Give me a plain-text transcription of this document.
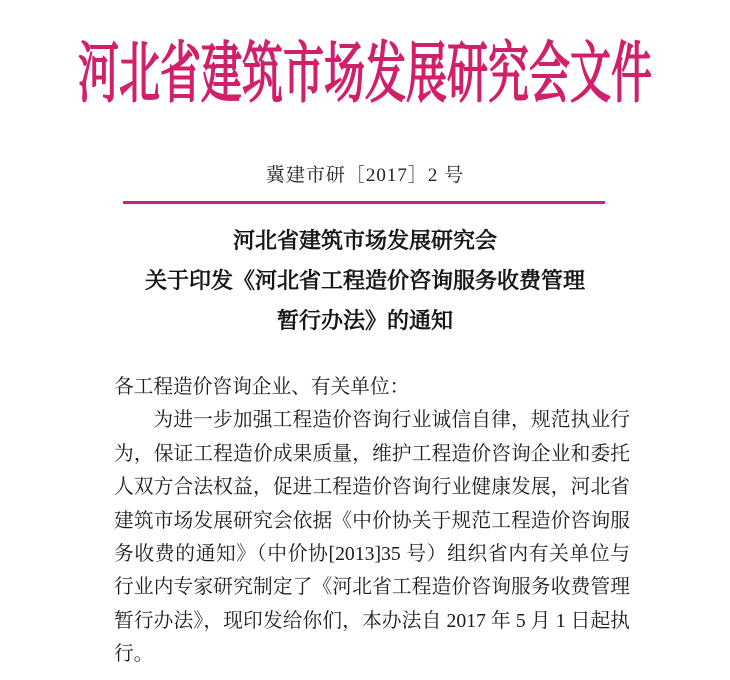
河北省建筑市场发展研究会文件
冀建市研［2017］2 号
河北省建筑市场发展研究会
关于印发《河北省工程造价咨询服务收费管理
暂行办法》的通知
各工程造价咨询企业、有关单位：

为进一步加强工程造价咨询行业诚信自律，规范执业行为，保证工程造价成果质量，维护工程造价咨询企业和委托人双方合法权益，促进工程造价咨询行业健康发展，河北省建筑市场发展研究会依据《中价协关于规范工程造价咨询服务收费的通知》（中价协[2013]35 号）组织省内有关单位与行业内专家研究制定了《河北省工程造价咨询服务收费管理暂行办法》，现印发给你们，本办法自 2017 年 5 月 1 日起执行。
